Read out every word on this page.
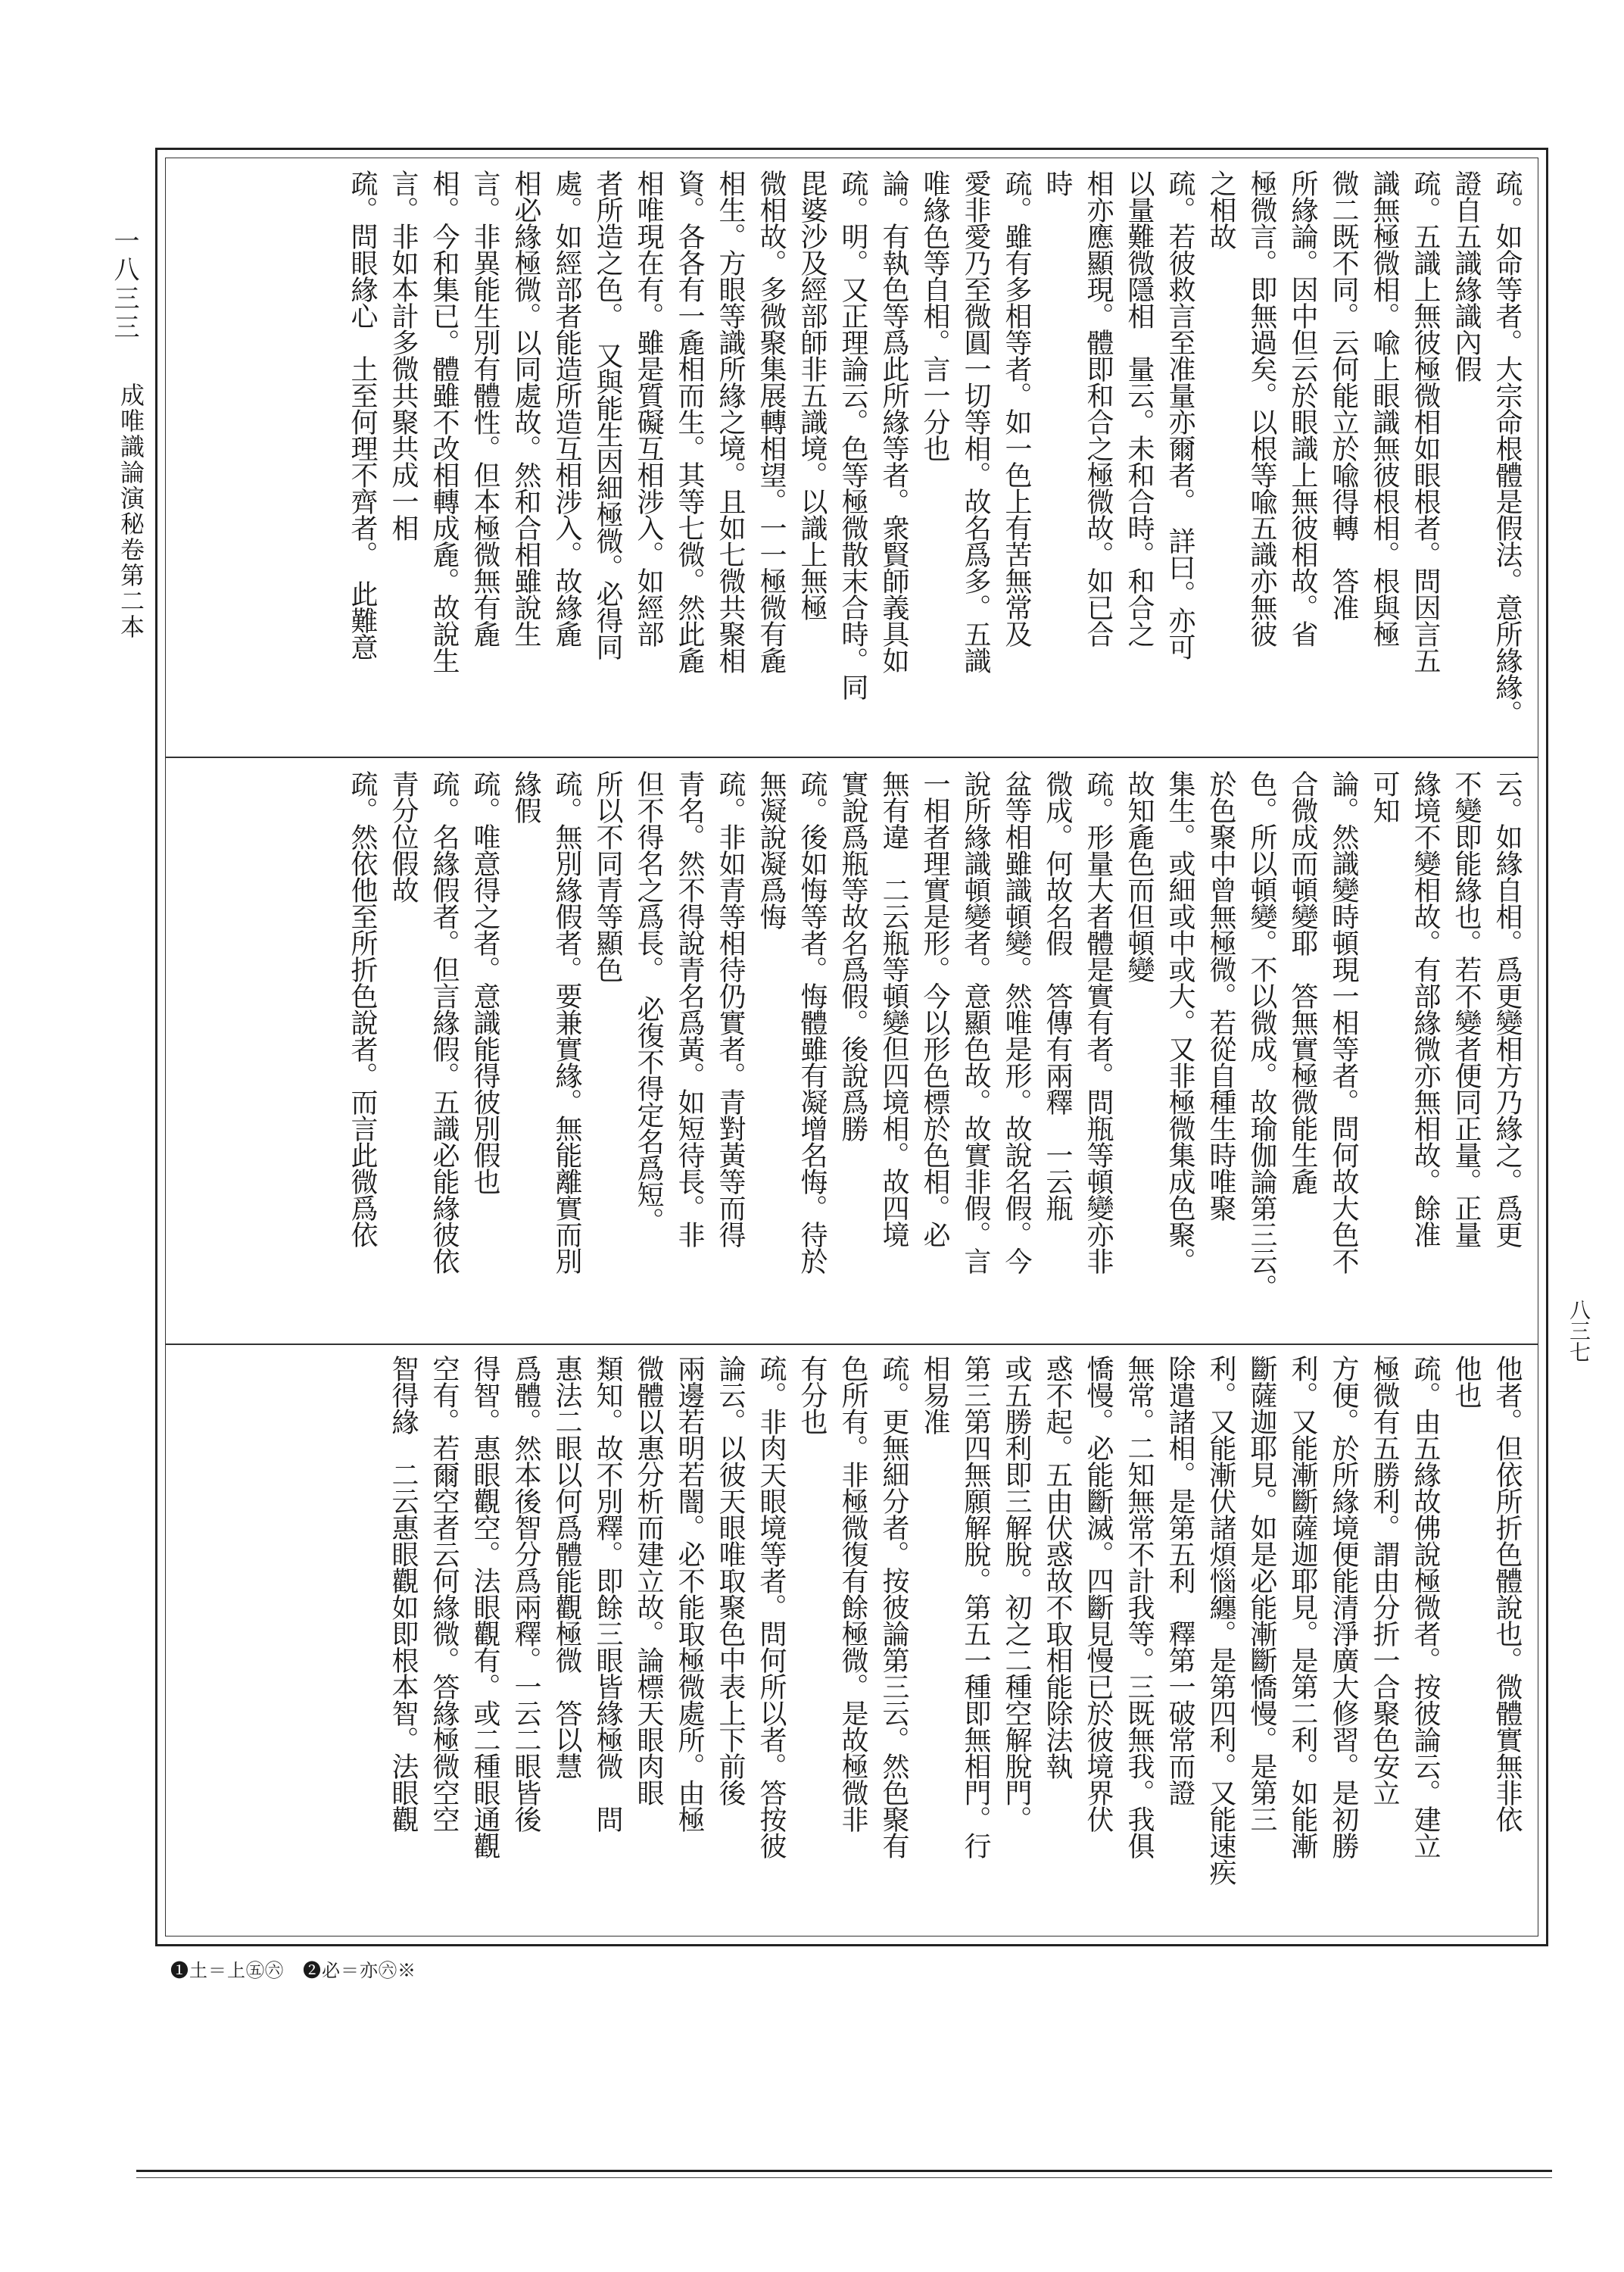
一八三三
成唯識論演秘卷第二本
八三七
疏。如命等者。大宗命根體是假法。意所緣緣。
證自五識緣識內假
疏。五識上無彼極微相如眼根者。問因言五
識無極微相。喩上眼識無彼根相。根與極
微二既不同。云何能立於喩得轉　答准
所緣論。因中但云於眼識上無彼相故。省
極微言。即無過矣。以根等喩五識亦無彼
之相故
疏。若彼救言至准量亦爾者。　詳曰。亦可
以量難微隱相　量云。未和合時。和合之
相亦應顯現。體即和合之極微故。如已合
時
疏。雖有多相等者。如一色上有苦無常及
愛非愛乃至微圓一切等相。故名爲多。五識
唯緣色等自相。言一分也
論。有執色等爲此所緣等者。衆賢師義具如
疏。明。又正理論云。色等極微散末合時。同
毘婆沙及經部師非五識境。以識上無極
微相故。多微聚集展轉相望。一一極微有麁
相生。方眼等識所緣之境。且如七微共聚相
資。各各有一麁相而生。其等七微。然此麁
相唯現在有。雖是質礙互相涉入。如經部
者所造之色。　又與能生因細極微。必得同
處。如經部者能造所造互相涉入。故緣麁
相必緣極微。以同處故。然和合相雖說生
言。非異能生別有體性。但本極微無有麁
相。今和集已。體雖不改相轉成麁。故說生
言。非如本計多微共聚共成一相
疏。問眼緣心　土至何理不齊者。　此難意
云。如緣自相。爲更變相方乃緣之。爲更
不變即能緣也。若不變者便同正量。正量
緣境不變相故。有部緣微亦無相故。餘准
可知
論。然識變時頓現一相等者。問何故大色不
合微成而頓變耶　答無實極微能生麁
色。所以頓變。不以微成。故瑜伽論第三云。
於色聚中曾無極微。若從自種生時唯聚
集生。或細或中或大。又非極微集成色聚。
故知麁色而但頓變
疏。形量大者體是實有者。問瓶等頓變亦非
微成。何故名假　答傳有兩釋　一云瓶
盆等相雖識頓變。然唯是形。故說名假。今
說所緣識頓變者。意顯色故。故實非假。言
一相者理實是形。今以形色標於色相。必
無有違　二云瓶等頓變但四境相。故四境
實說爲瓶等故名爲假。後說爲勝
疏。後如悔等者。悔體雖有凝增名悔。待於
無凝說凝爲悔
疏。非如青等相待仍實者。青對黃等而得
青名。然不得說青名爲黃。如短待長。非
但不得名之爲長。　必復不得定名爲短。
所以不同青等顯色
疏。無別緣假者。要兼實緣。無能離實而別
緣假
疏。唯意得之者。意識能得彼別假也
疏。名緣假者。但言緣假。五識必能緣彼依
青分位假故
疏。然依他至所折色說者。而言此微爲依
他者。但依所折色體說也。微體實無非依
他也
疏。由五緣故佛說極微者。按彼論云。建立
極微有五勝利。謂由分折一合聚色安立
方便。於所緣境便能清淨廣大修習。是初勝
利。又能漸斷薩迦耶見。是第二利。如能漸
斷薩迦耶見。如是必能漸斷憍慢。是第三
利。又能漸伏諸煩惱纏。是第四利。又能速疾
除遣諸相。是第五利　釋第一破常而證
無常。二知無常不計我等。三既無我。我俱
憍慢。必能斷滅。四斷見慢已於彼境界伏
惑不起。五由伏惑故不取相能除法執
或五勝利即三解脫。初之二種空解脫門。
第三第四無願解脫。第五一種即無相門。行
相易准
疏。更無細分者。按彼論第三云。然色聚有
色所有。非極微復有餘極微。是故極微非
有分也
疏。非肉天眼境等者。問何所以者。答按彼
論云。以彼天眼唯取聚色中表上下前後
兩邊若明若闇。必不能取極微處所。由極
微體以惠分析而建立故。論標天眼肉眼
類知。故不別釋。即餘三眼皆緣極微　問
惠法二眼以何爲體能觀極微　答以慧
爲體。然本後智分爲兩釋。一云二眼皆後
得智。惠眼觀空。法眼觀有。或二種眼通觀
空有。若爾空者云何緣微。答緣極微空空
智得緣　二云惠眼觀如即根本智。法眼觀
❶土＝上㊄㊅　❷必＝亦㊅※
